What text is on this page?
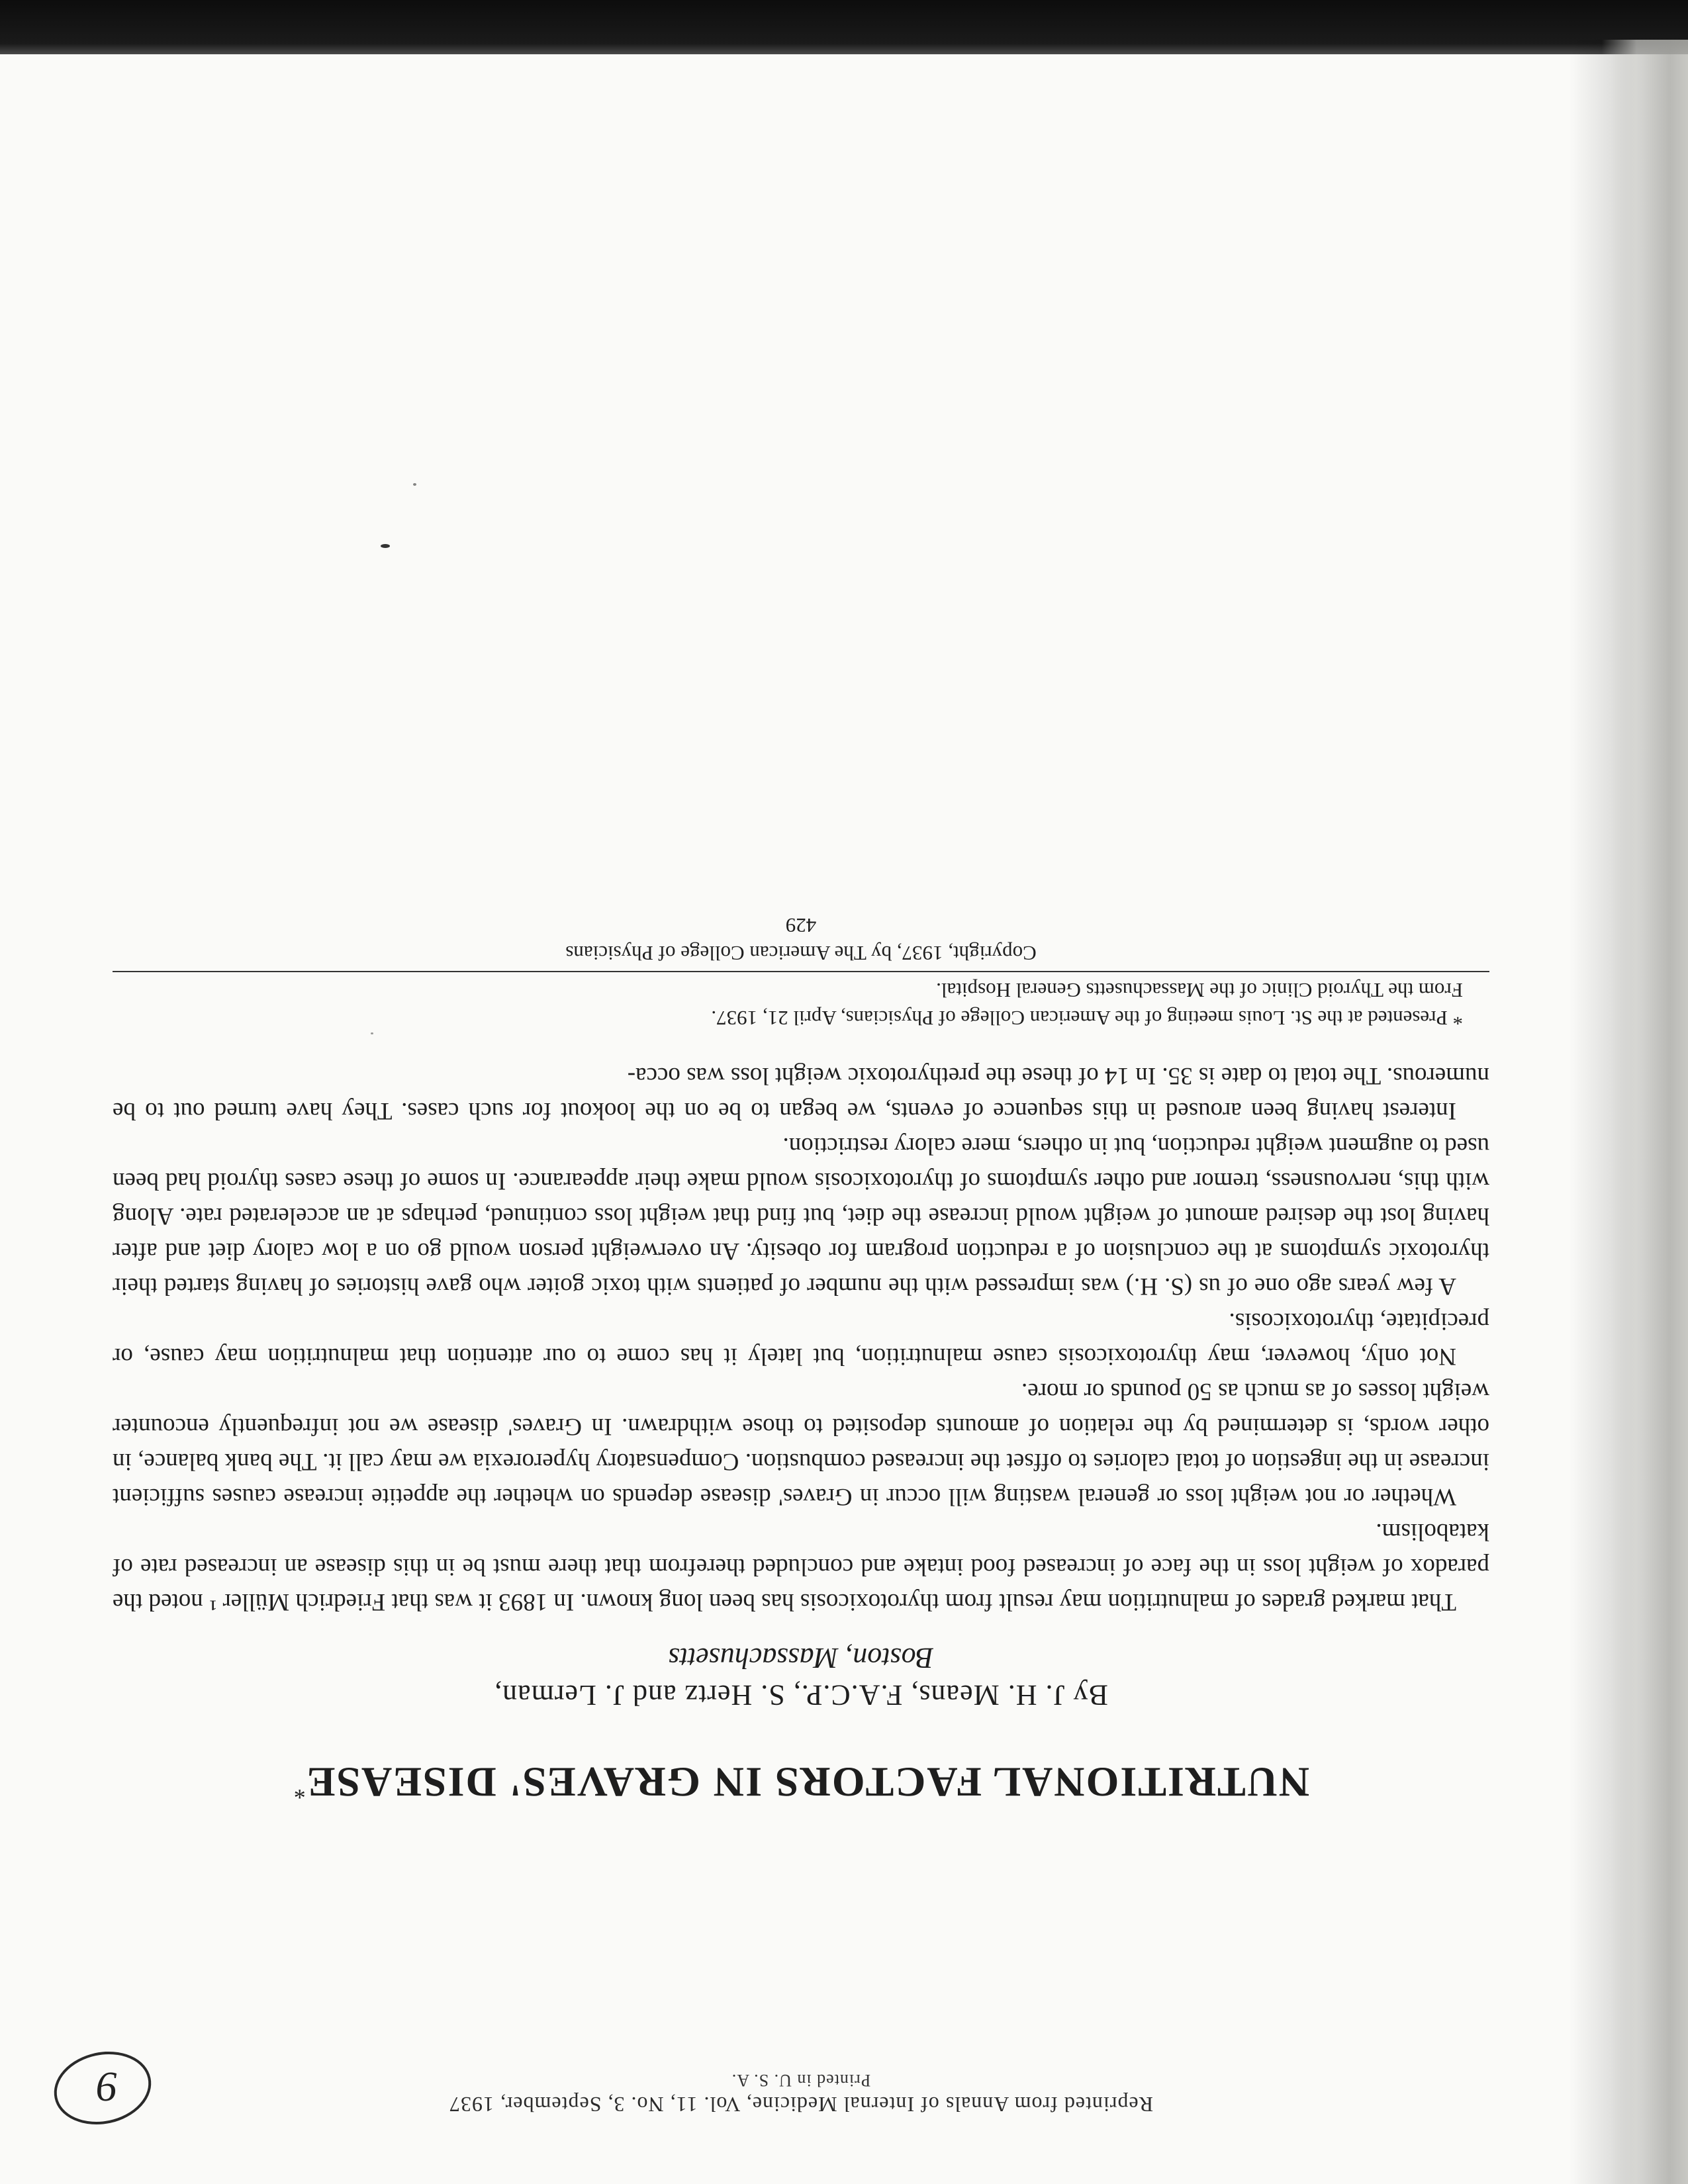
9	Reprinted from Annals of Internal Medicine, Vol. 11, No. 3, September, 1937
Printed in U. S. A.
NUTRITIONAL FACTORS IN GRAVES' DISEASE*
By J. H. Means, F.A.C.P., S. Hertz and J. Lerman,
Boston, Massachusetts

That marked grades of malnutrition may result from thyrotoxicosis has been long known. In 1893 it was that Friedrich Müller ¹ noted the paradox of weight loss in the face of increased food intake and concluded therefrom that there must be in this disease an increased rate of katabolism.

Whether or not weight loss or general wasting will occur in Graves' disease depends on whether the appetite increase causes sufficient increase in the ingestion of total calories to offset the increased combustion. Compensatory hyperorexia we may call it. The bank balance, in other words, is determined by the relation of amounts deposited to those withdrawn. In Graves' disease we not infrequently encounter weight losses of as much as 50 pounds or more.

Not only, however, may thyrotoxicosis cause malnutrition, but lately it has come to our attention that malnutrition may cause, or precipitate, thyrotoxicosis.

A few years ago one of us (S. H.) was impressed with the number of patients with toxic goiter who gave histories of having started their thyrotoxic symptoms at the conclusion of a reduction program for obesity. An overweight person would go on a low calory diet and after having lost the desired amount of weight would increase the diet, but find that weight loss continued, perhaps at an accelerated rate. Along with this, nervousness, tremor and other symptoms of thyrotoxicosis would make their appearance. In some of these cases thyroid had been used to augment weight reduction, but in others, mere calory restriction.

Interest having been aroused in this sequence of events, we began to be on the lookout for such cases. They have turned out to be numerous. The total to date is 35. In 14 of these the prethyrotoxic weight loss was occa-

* Presented at the St. Louis meeting of the American College of Physicians, April 21, 1937.
From the Thyroid Clinic of the Massachusetts General Hospital.
Copyright, 1937, by The American College of Physicians
429
